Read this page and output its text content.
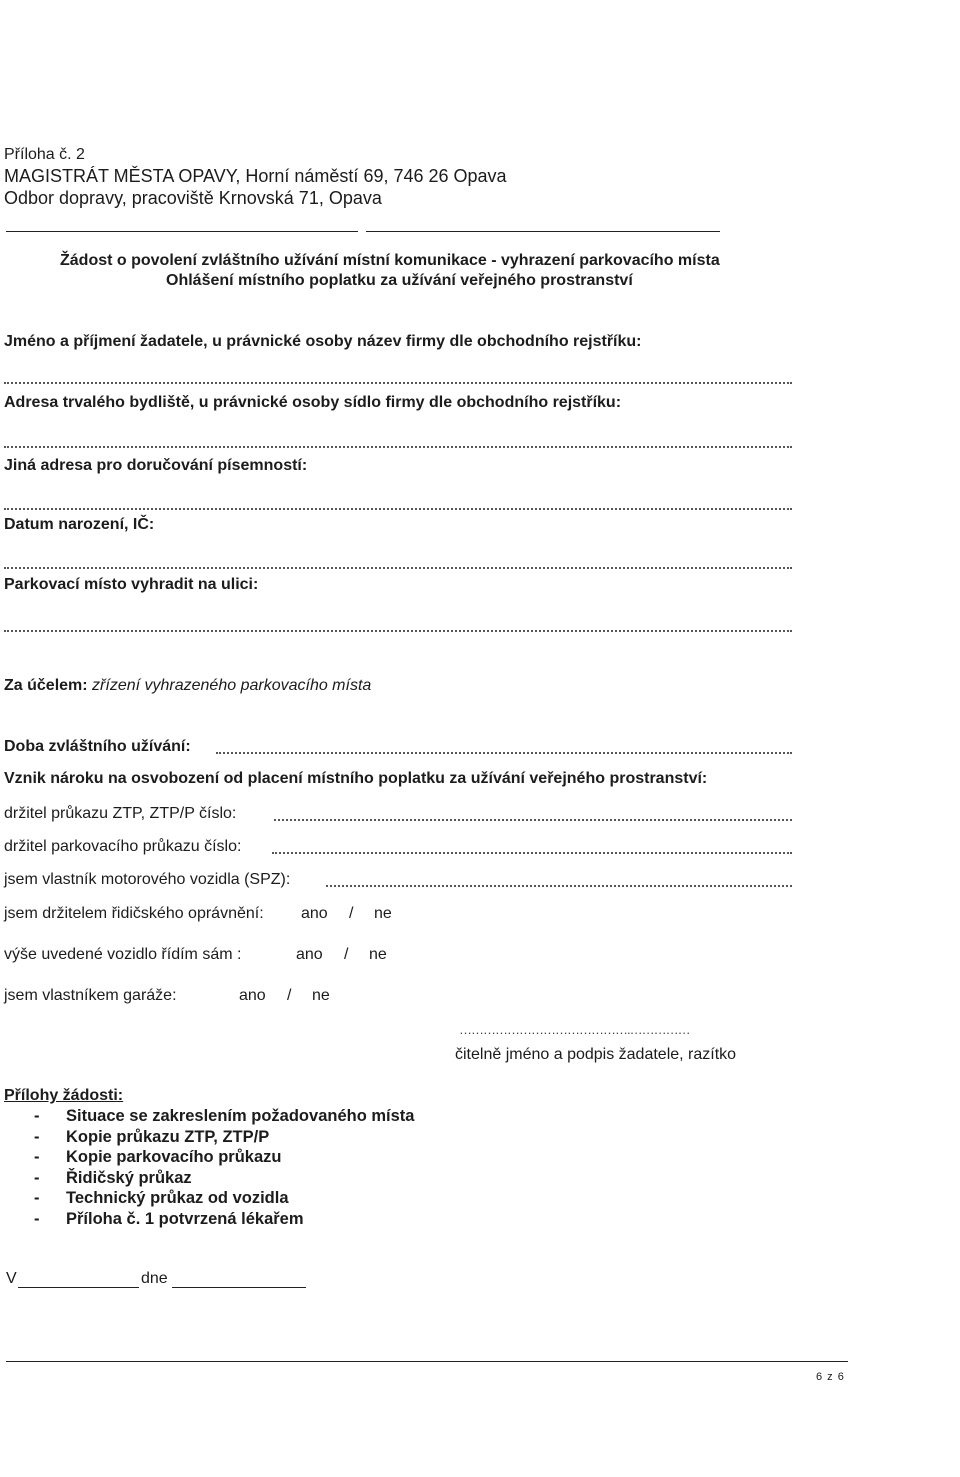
Příloha č. 2
MAGISTRÁT MĚSTA OPAVY, Horní náměstí 69, 746 26 Opava
Odbor dopravy, pracoviště Krnovská 71, Opava
Žádost o povolení zvláštního užívání místní komunikace - vyhrazení parkovacího místa
Ohlášení místního poplatku za užívání veřejného prostranství
Jméno a příjmení žadatele, u právnické osoby název firmy dle obchodního rejstříku:
Adresa trvalého bydliště, u právnické osoby sídlo firmy dle obchodního rejstříku:
Jiná adresa pro doručování písemností:
Datum narození, IČ:
Parkovací místo vyhradit na ulici:
Za účelem: zřízení vyhrazeného parkovacího místa
Doba zvláštního užívání:
Vznik nároku na osvobození od placení místního poplatku za užívání veřejného prostranství:
držitel průkazu ZTP, ZTP/P číslo:
držitel parkovacího průkazu číslo:
jsem vlastník motorového vozidla (SPZ):
jsem držitelem řidičského oprávnění: ano / ne
výše uvedené vozidlo řídím sám :	ano / ne
jsem vlastníkem garáže:	ano / ne
…………………………………….……………
čitelně jméno a podpis žadatele, razítko
Přílohy žádosti:
- Situace se zakreslením požadovaného místa
- Kopie průkazu ZTP, ZTP/P
- Kopie parkovacího průkazu
- Řidičský průkaz
- Technický průkaz od vozidla
- Příloha č. 1 potvrzená lékařem
V	dne
6 z 6
